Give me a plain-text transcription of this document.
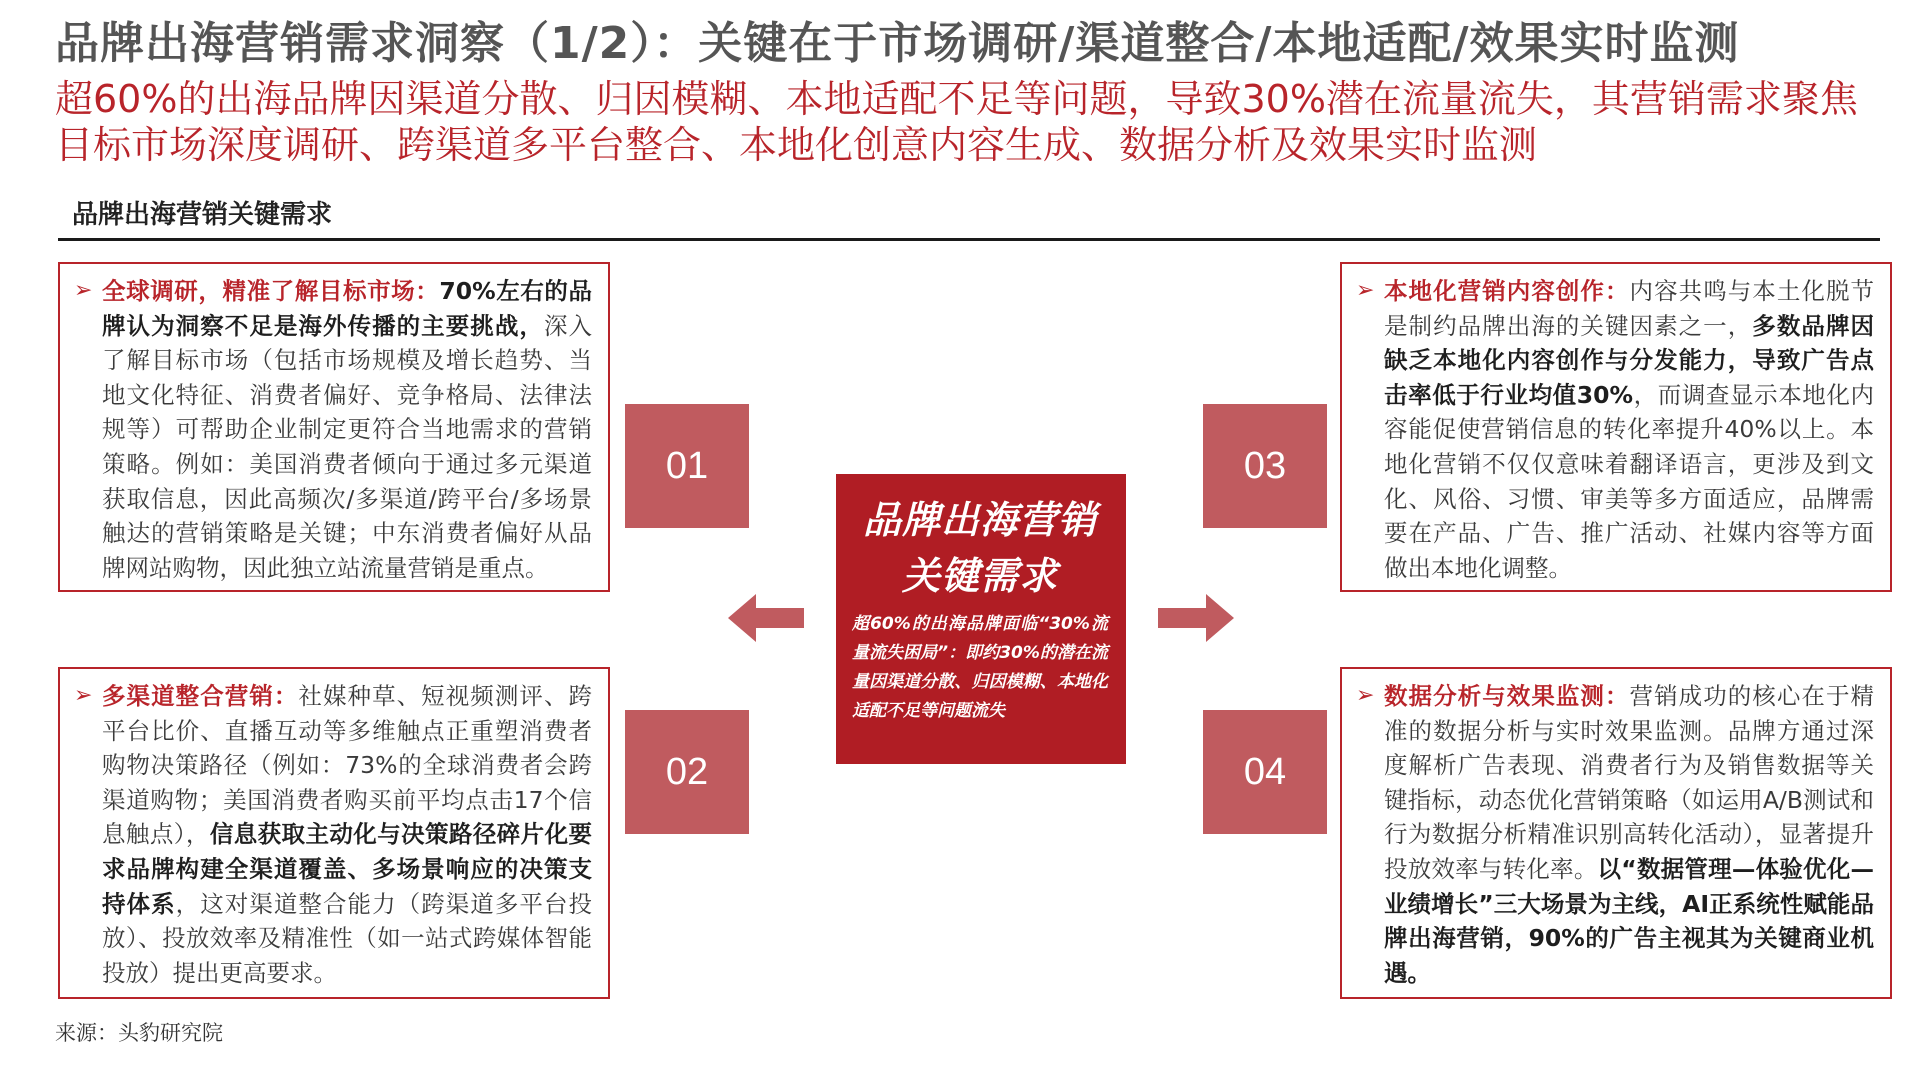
品牌出海营销需求洞察（1/2）：关键在于市场调研/渠道整合/本地适配/效果实时监测
超60%的出海品牌因渠道分散、归因模糊、本地适配不足等问题，导致30%潜在流量流失，其营销需求聚焦目标市场深度调研、跨渠道多平台整合、本地化创意内容生成、数据分析及效果实时监测
品牌出海营销关键需求
➢ 全球调研，精准了解目标市场：70%左右的品牌认为洞察不足是海外传播的主要挑战，深入了解目标市场（包括市场规模及增长趋势、当地文化特征、消费者偏好、竞争格局、法律法规等）可帮助企业制定更符合当地需求的营销策略。例如：美国消费者倾向于通过多元渠道获取信息，因此高频次/多渠道/跨平台/多场景触达的营销策略是关键；中东消费者偏好从品牌网站购物，因此独立站流量营销是重点。
➢ 本地化营销内容创作：内容共鸣与本土化脱节是制约品牌出海的关键因素之一，多数品牌因缺乏本地化内容创作与分发能力，导致广告点击率低于行业均值30%，而调查显示本地化内容能促使营销信息的转化率提升40%以上。本地化营销不仅仅意味着翻译语言，更涉及到文化、风俗、习惯、审美等多方面适应，品牌需要在产品、广告、推广活动、社媒内容等方面做出本地化调整。
➢ 多渠道整合营销：社媒种草、短视频测评、跨平台比价、直播互动等多维触点正重塑消费者购物决策路径（例如：73%的全球消费者会跨渠道购物；美国消费者购买前平均点击17个信息触点），信息获取主动化与决策路径碎片化要求品牌构建全渠道覆盖、多场景响应的决策支持体系，这对渠道整合能力（跨渠道多平台投放）、投放效率及精准性（如一站式跨媒体智能投放）提出更高要求。
➢ 数据分析与效果监测：营销成功的核心在于精准的数据分析与实时效果监测。品牌方通过深度解析广告表现、消费者行为及销售数据等关键指标，动态优化营销策略（如运用A/B测试和行为数据分析精准识别高转化活动），显著提升投放效率与转化率。以“数据管理—体验优化—业绩增长”三大场景为主线，AI正系统性赋能品牌出海营销，90%的广告主视其为关键商业机遇。
01
02
03
04
品牌出海营销
关键需求
超60%的出海品牌面临“30%流量流失困局”：即约30%的潜在流量因渠道分散、归因模糊、本地化适配不足等问题流失
来源：头豹研究院
